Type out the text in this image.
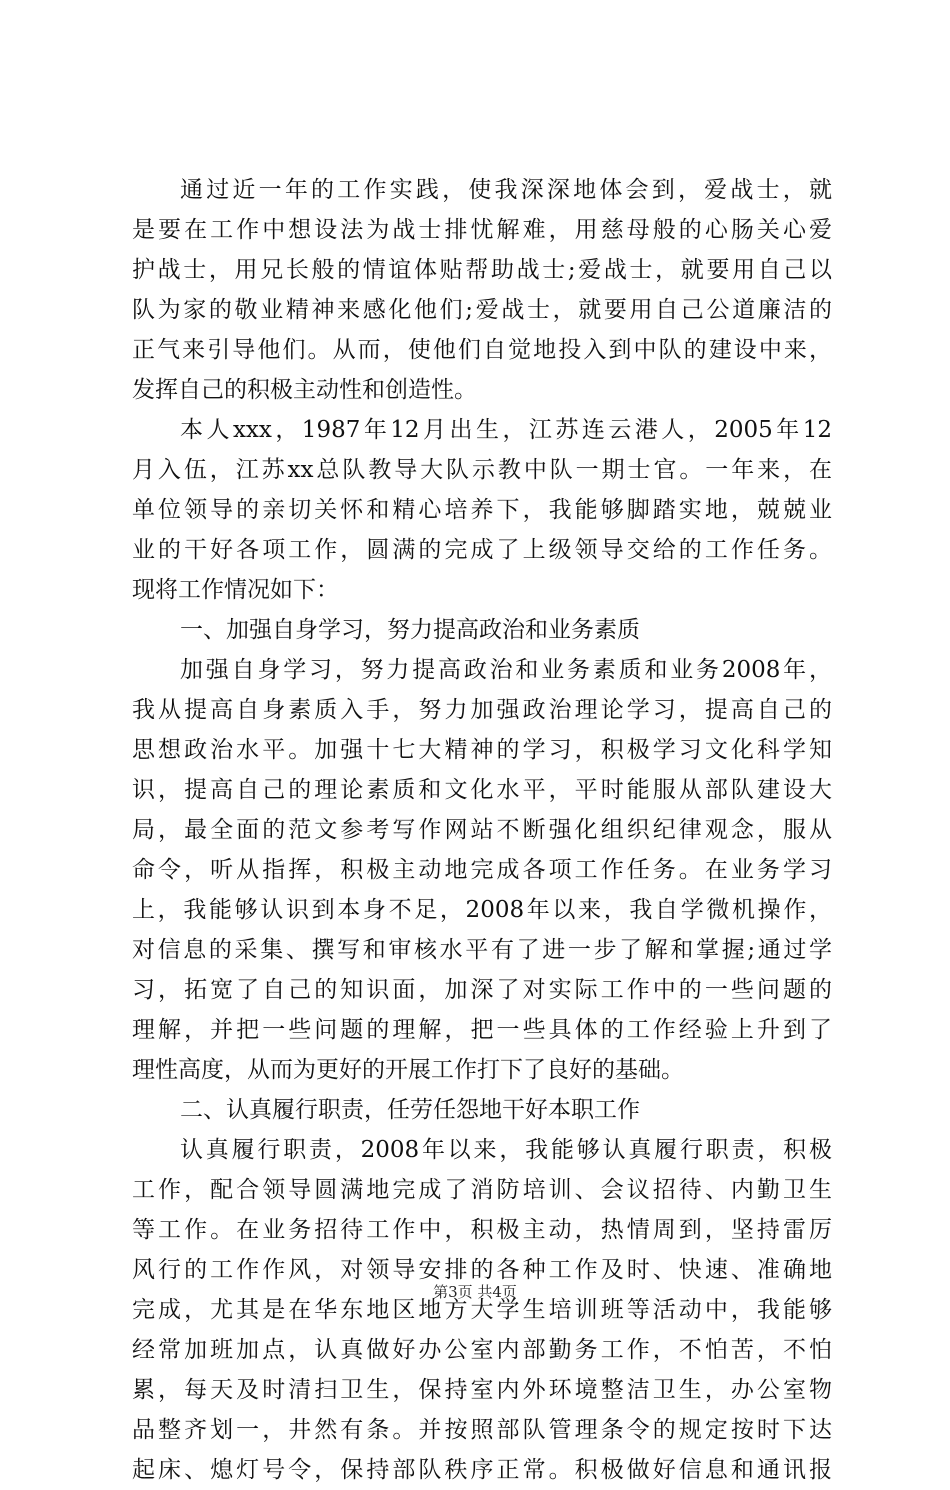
通过近一年的工作实践，使我深深地体会到，爱战士，就
是要在工作中想设法为战士排忧解难，用慈母般的心肠关心爱
护战士，用兄长般的情谊体贴帮助战士;爱战士，就要用自己以
队为家的敬业精神来感化他们;爱战士，就要用自己公道廉洁的
正气来引导他们。从而，使他们自觉地投入到中队的建设中来，
发挥自己的积极主动性和创造性。
本人xxx，1987年12月出生，江苏连云港人，2005年12
月入伍，江苏xx总队教导大队示教中队一期士官。一年来，在
单位领导的亲切关怀和精心培养下，我能够脚踏实地，兢兢业
业的干好各项工作，圆满的完成了上级领导交给的工作任务。
现将工作情况如下：
一、加强自身学习，努力提高政治和业务素质
加强自身学习，努力提高政治和业务素质和业务2008年，
我从提高自身素质入手，努力加强政治理论学习，提高自己的
思想政治水平。加强十七大精神的学习，积极学习文化科学知
识，提高自己的理论素质和文化水平，平时能服从部队建设大
局，最全面的范文参考写作网站不断强化组织纪律观念，服从
命令，听从指挥，积极主动地完成各项工作任务。在业务学习
上，我能够认识到本身不足，2008年以来，我自学微机操作，
对信息的采集、撰写和审核水平有了进一步了解和掌握;通过学
习，拓宽了自己的知识面，加深了对实际工作中的一些问题的
理解，并把一些问题的理解，把一些具体的工作经验上升到了
理性高度，从而为更好的开展工作打下了良好的基础。
二、认真履行职责，任劳任怨地干好本职工作
认真履行职责，2008年以来，我能够认真履行职责，积极
工作，配合领导圆满地完成了消防培训、会议招待、内勤卫生
等工作。在业务招待工作中，积极主动，热情周到，坚持雷厉
风行的工作作风，对领导安排的各种工作及时、快速、准确地
完成，尤其是在华东地区地方大学生培训班等活动中，我能够
经常加班加点，认真做好办公室内部勤务工作，不怕苦，不怕
累，每天及时清扫卫生，保持室内外环境整洁卫生，办公室物
品整齐划一，井然有条。并按照部队管理条令的规定按时下达
起床、熄灯号令，保持部队秩序正常。积极做好信息和通讯报
第3页 共4页
